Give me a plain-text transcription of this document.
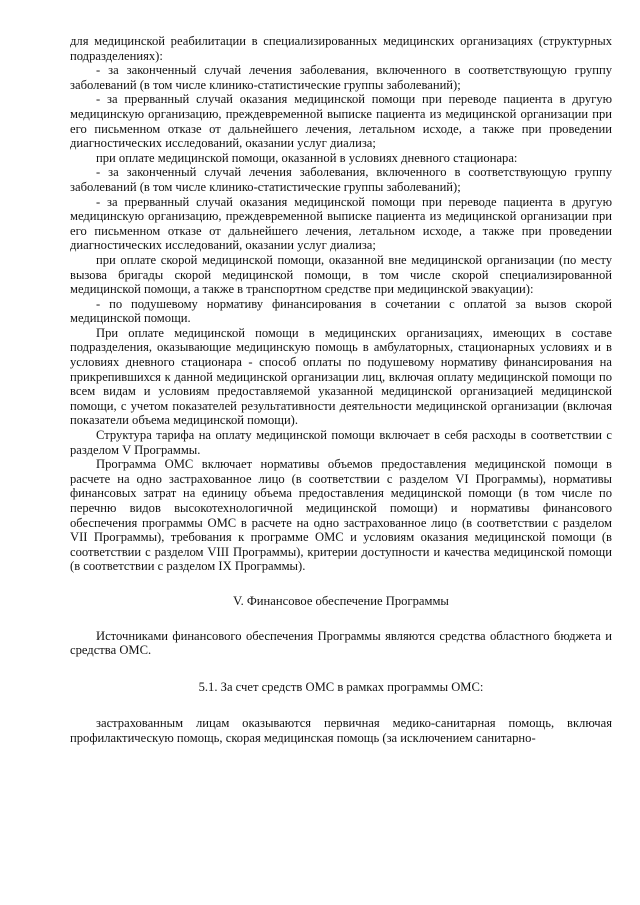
для медицинской реабилитации в специализированных медицинских организациях (структурных подразделениях):

- за законченный случай лечения заболевания, включенного в соответствующую группу заболеваний (в том числе клинико-статистические группы заболеваний);

- за прерванный случай оказания медицинской помощи при переводе пациента в другую медицинскую организацию, преждевременной выписке пациента из медицинской организации при его письменном отказе от дальнейшего лечения, летальном исходе, а также при проведении диагностических исследований, оказании услуг диализа;

при оплате медицинской помощи, оказанной в условиях дневного стационара:

- за законченный случай лечения заболевания, включенного в соответствующую группу заболеваний (в том числе клинико-статистические группы заболеваний);

- за прерванный случай оказания медицинской помощи при переводе пациента в другую медицинскую организацию, преждевременной выписке пациента из медицинской организации при его письменном отказе от дальнейшего лечения, летальном исходе, а также при проведении диагностических исследований, оказании услуг диализа;

при оплате скорой медицинской помощи, оказанной вне медицинской организации (по месту вызова бригады скорой медицинской помощи, в том числе скорой специализированной медицинской помощи, а также в транспортном средстве при медицинской эвакуации):

- по подушевому нормативу финансирования в сочетании с оплатой за вызов скорой медицинской помощи.

При оплате медицинской помощи в медицинских организациях, имеющих в составе подразделения, оказывающие медицинскую помощь в амбулаторных, стационарных условиях и в условиях дневного стационара - способ оплаты по подушевому нормативу финансирования на прикрепившихся к данной медицинской организации лиц, включая оплату медицинской помощи по всем видам и условиям предоставляемой указанной медицинской организацией медицинской помощи, с учетом показателей результативности деятельности медицинской организации (включая показатели объема медицинской помощи).

Структура тарифа на оплату медицинской помощи включает в себя расходы в соответствии с разделом V Программы.

Программа ОМС включает нормативы объемов предоставления медицинской помощи в расчете на одно застрахованное лицо (в соответствии с разделом VI Программы), нормативы финансовых затрат на единицу объема предоставления медицинской помощи (в том числе по перечню видов высокотехнологичной медицинской помощи) и нормативы финансового обеспечения программы ОМС в расчете на одно застрахованное лицо (в соответствии с разделом VII Программы), требования к программе ОМС и условиям оказания медицинской помощи (в соответствии с разделом VIII Программы), критерии доступности и качества медицинской помощи (в соответствии с разделом IX Программы).

V. Финансовое обеспечение Программы

Источниками финансового обеспечения Программы являются средства областного бюджета и средства ОМС.

5.1. За счет средств ОМС в рамках программы ОМС:

застрахованным лицам оказываются первичная медико-санитарная помощь, включая профилактическую помощь, скорая медицинская помощь (за исключением санитарно-
